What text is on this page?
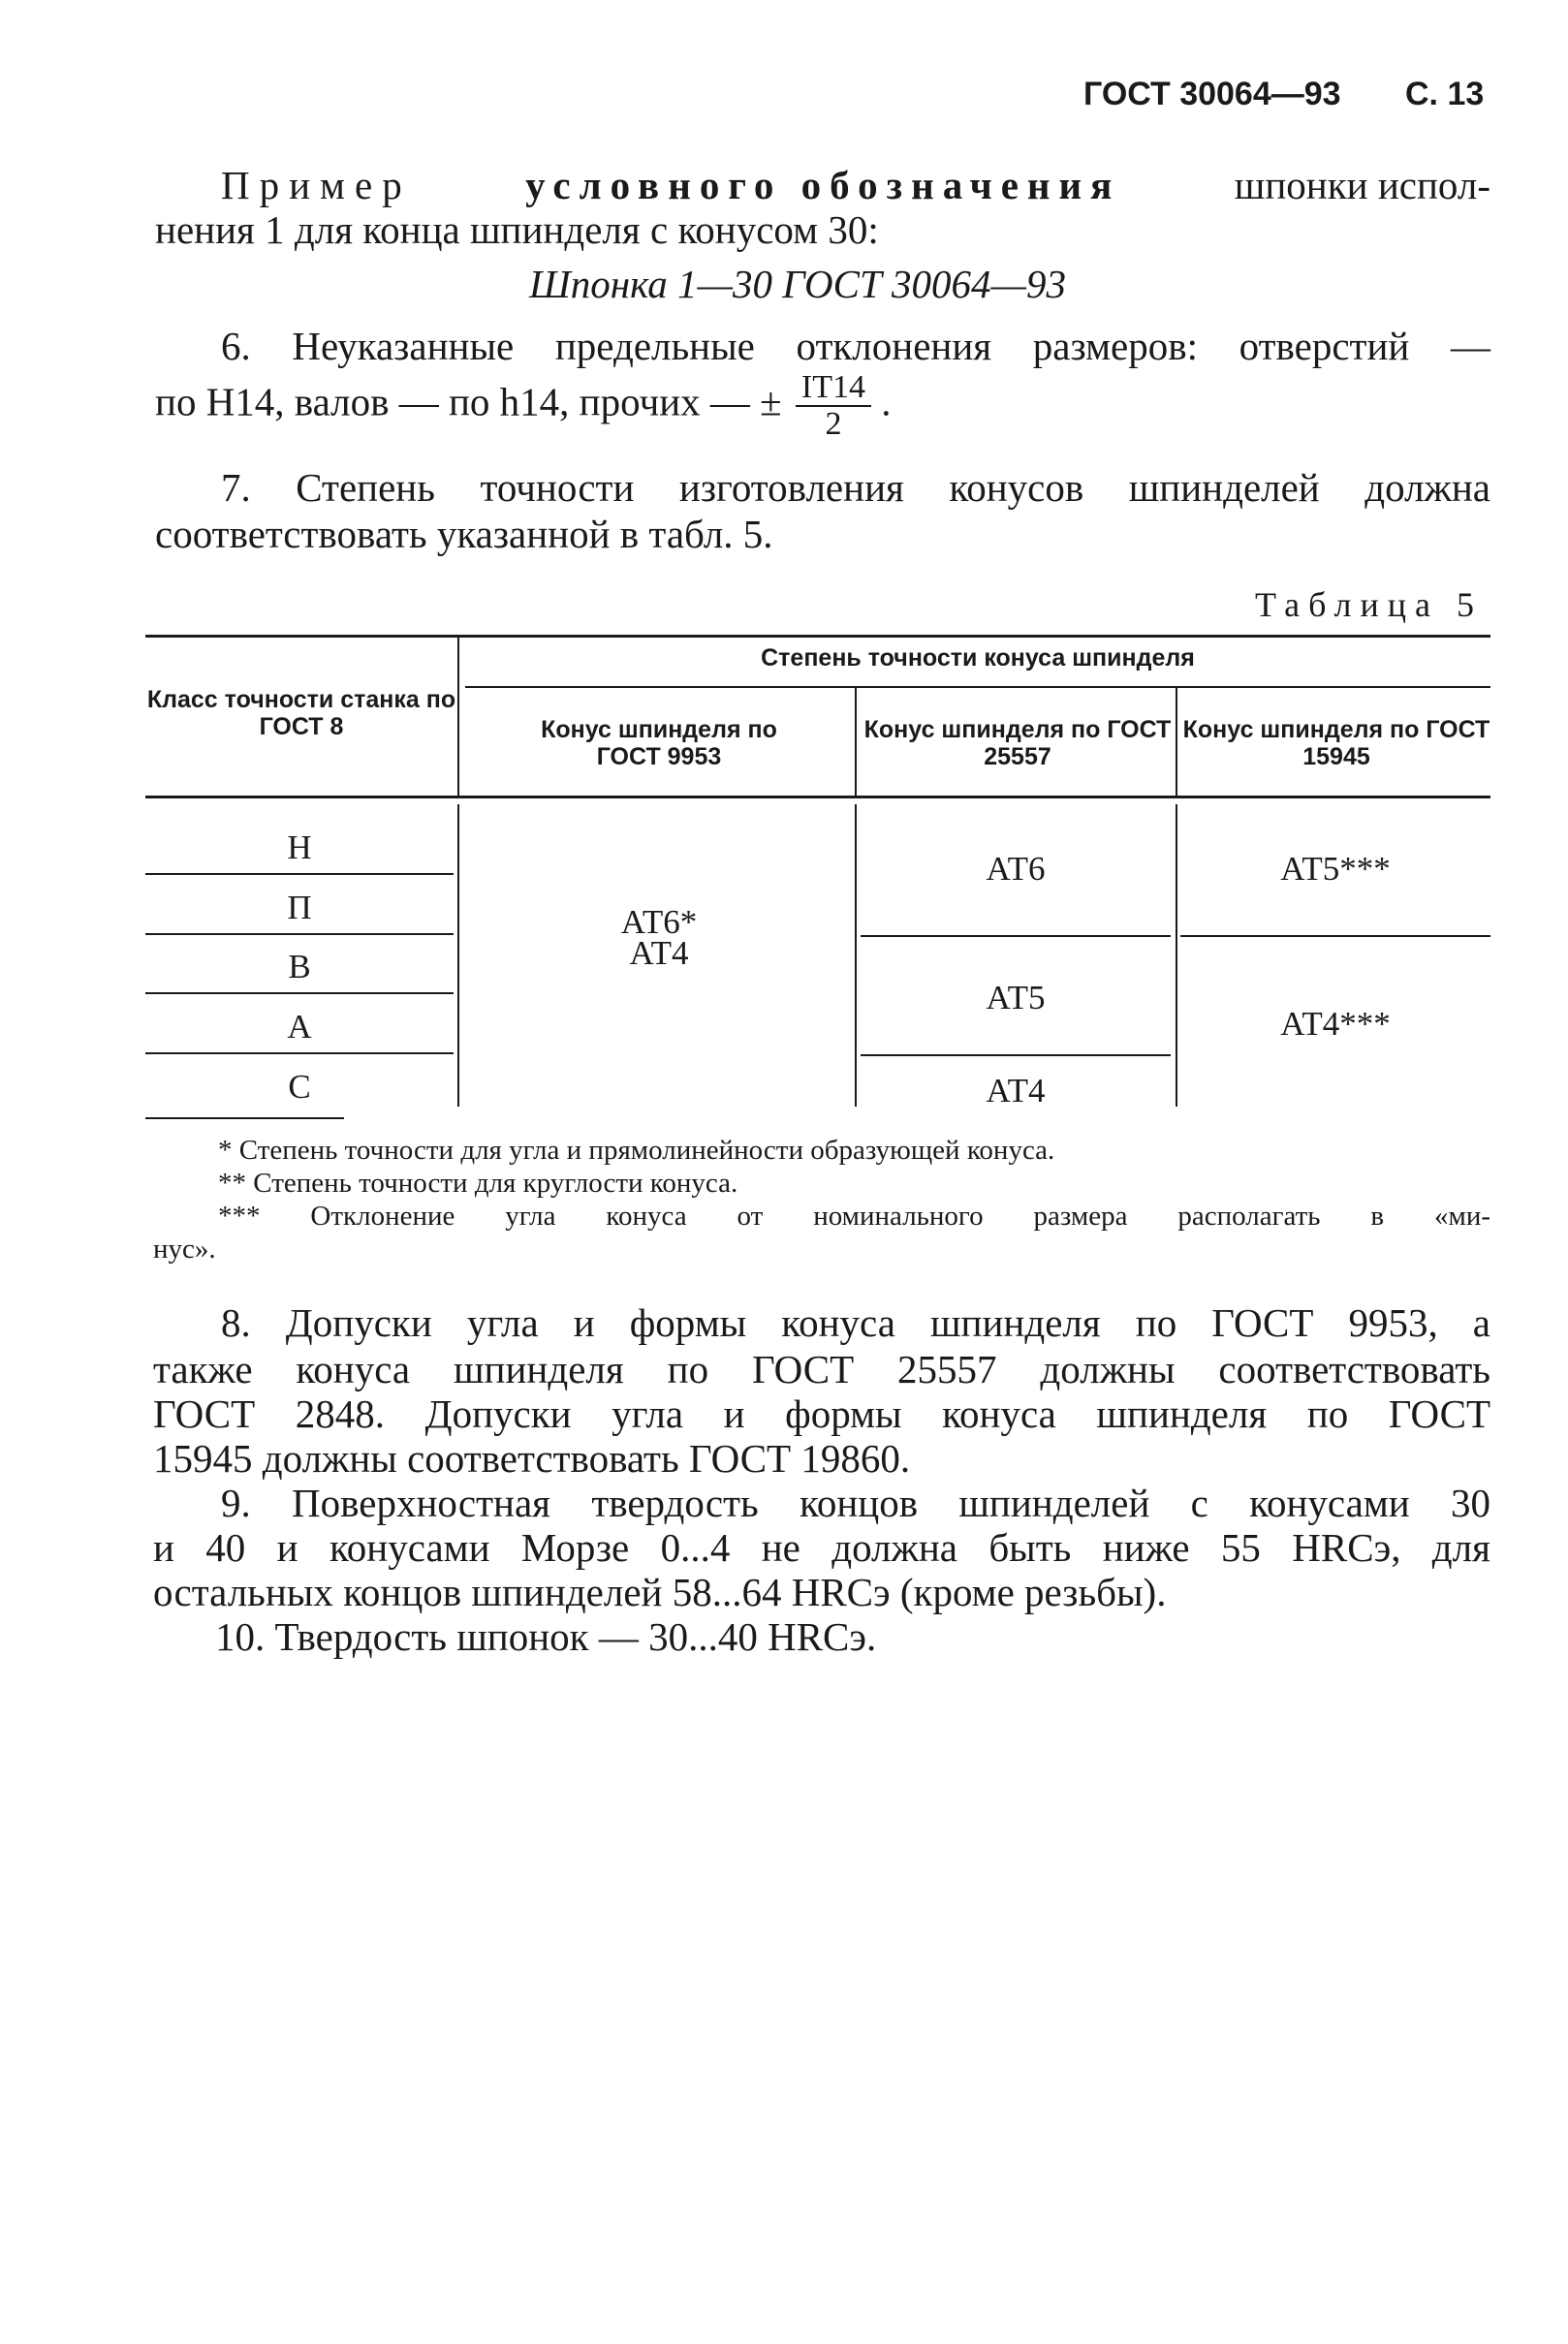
ГОСТ 30064—93 С. 13
Пример	условного обозначения	шпонки испол-
нения 1 для конца шпинделя с конусом 30:
Шпонка 1—30 ГОСТ 30064—93
6. Неуказанные предельные отклонения размеров: отверстий —
по Н14, валов — по h14, прочих — ± $\frac{IT14}{2}$ .
7. Степень точности изготовления конусов шпинделей должна
соответствовать указанной в табл. 5.
Таблица 5
Класс точности станка по ГОСТ 8
Степень точности конуса шпинделя
Конус шпинделя по ГОСТ 9953
Конус шпинделя по ГОСТ 25557
Конус шпинделя по ГОСТ 15945
Н
П
В
А
С
АТ6*
АТ4
АТ6
АТ5
АТ4
АТ5***
АТ4***
* Степень точности для угла и прямолинейности образующей конуса.
** Степень точности для круглости конуса.
*** Отклонение угла конуса от номинального размера располагать в «ми-
нус».
8. Допуски угла и формы конуса шпинделя по ГОСТ 9953, а
также конуса шпинделя по ГОСТ 25557 должны соответствовать
ГОСТ 2848. Допуски угла и формы конуса шпинделя по ГОСТ
15945 должны соответствовать ГОСТ 19860.
9. Поверхностная твердость концов шпинделей с конусами 30
и 40 и конусами Морзе 0...4 не должна быть ниже 55 HRCэ, для
остальных концов шпинделей 58...64 HRCэ (кроме резьбы).
10. Твердость шпонок — 30...40 HRCэ.
